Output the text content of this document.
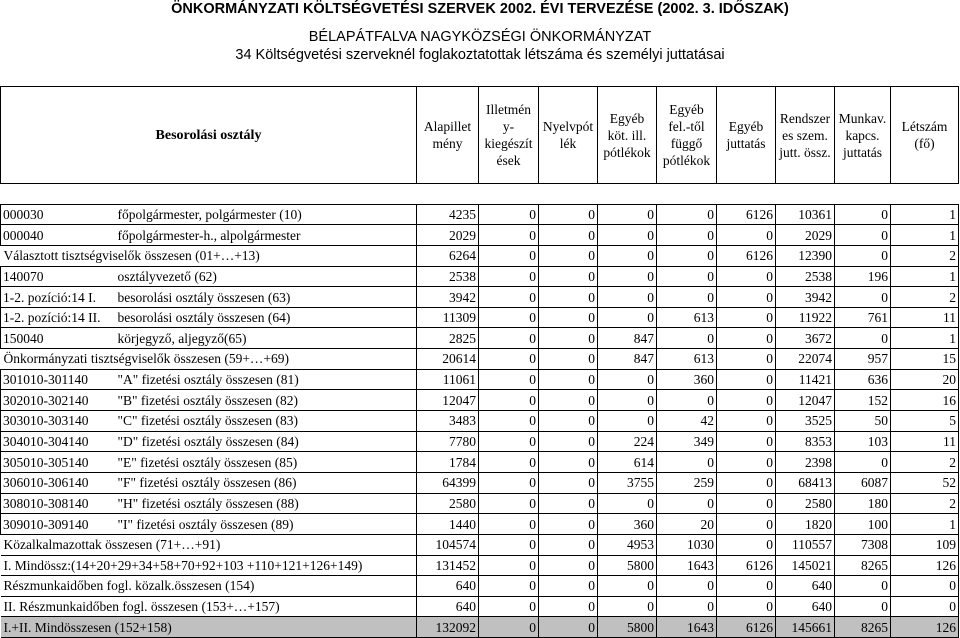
ÖNKORMÁNYZATI KÖLTSÉGVETÉSI SZERVEK 2002. ÉVI TERVEZÉSE (2002. 3. IDŐSZAK)
BÉLAPÁTFALVA NAGYKÖZSÉGI ÖNKORMÁNYZAT
34 Költségvetési szerveknél foglakoztatottak létszáma és személyi juttatásai
Besorolási osztály		Alapillet mény	Illetmén y-kiegészít ések	Nyelvpót lék	Egyéb köt. ill. pótlékok	Egyéb fel.-től függő pótlékok	Egyéb juttatás	Rendszer es szem. jutt. össz.	Munkav. kapcs. juttatás	Létszám (fő)

000030	főpolgármester, polgármester (10)	4235	0	0	0	0	6126	10361	0	1
000040	főpolgármester-h., alpolgármester	2029	0	0	0	0	0	2029	0	1
Választott tisztségviselők összesen (01+…+13)		6264	0	0	0	0	6126	12390	0	2
140070	osztályvezető (62)	2538	0	0	0	0	0	2538	196	1
1-2. pozíció:14 I.	besorolási osztály összesen (63)	3942	0	0	0	0	0	3942	0	2
1-2. pozíció:14 II.	besorolási osztály összesen (64)	11309	0	0	0	613	0	11922	761	11
150040	körjegyző, aljegyző(65)	2825	0	0	847	0	0	3672	0	1
Önkormányzati tisztségviselők összesen (59+…+69)		20614	0	0	847	613	0	22074	957	15
301010-301140	"A" fizetési osztály összesen (81)	11061	0	0	0	360	0	11421	636	20
302010-302140	"B" fizetési osztály összesen (82)	12047	0	0	0	0	0	12047	152	16
303010-303140	"C" fizetési osztály összesen (83)	3483	0	0	0	42	0	3525	50	5
304010-304140	"D" fizetési osztály összesen (84)	7780	0	0	224	349	0	8353	103	11
305010-305140	"E" fizetési osztály összesen (85)	1784	0	0	614	0	0	2398	0	2
306010-306140	"F" fizetési osztály összesen (86)	64399	0	0	3755	259	0	68413	6087	52
308010-308140	"H" fizetési osztály összesen (88)	2580	0	0	0	0	0	2580	180	2
309010-309140	"I" fizetési osztály összesen (89)	1440	0	0	360	20	0	1820	100	1
Közalkalmazottak összesen (71+…+91)		104574	0	0	4953	1030	0	110557	7308	109
I. Mindössz:(14+20+29+34+58+70+92+103 +110+121+126+149)		131452	0	0	5800	1643	6126	145021	8265	126
Részmunkaidőben fogl. közalk.összesen (154)		640	0	0	0	0	0	640	0	0
II. Részmunkaidőben fogl. összesen (153+…+157)		640	0	0	0	0	0	640	0	0
I.+II. Mindösszesen (152+158)		132092	0	0	5800	1643	6126	145661	8265	126
